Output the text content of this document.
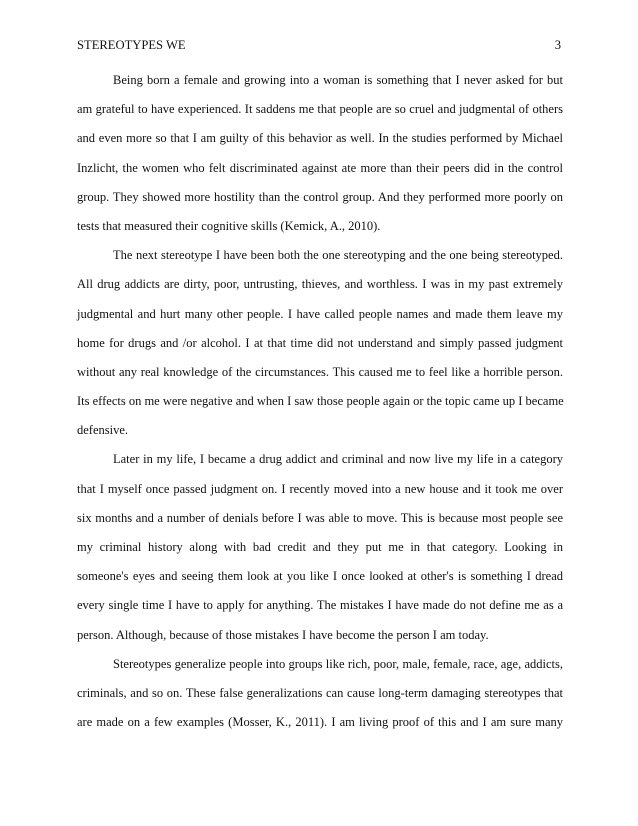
STEREOTYPES WE	3
Being born a female and growing into a woman is something that I never asked for but
am grateful to have experienced. It saddens me that people are so cruel and judgmental of others
and even more so that I am guilty of this behavior as well. In the studies performed by Michael
Inzlicht, the women who felt discriminated against ate more than their peers did in the control
group. They showed more hostility than the control group. And they performed more poorly on
tests that measured their cognitive skills (Kemick, A., 2010).
The next stereotype I have been both the one stereotyping and the one being stereotyped.
All drug addicts are dirty, poor, untrusting, thieves, and worthless. I was in my past extremely
judgmental and hurt many other people. I have called people names and made them leave my
home for drugs and /or alcohol. I at that time did not understand and simply passed judgment
without any real knowledge of the circumstances. This caused me to feel like a horrible person.
Its effects on me were negative and when I saw those people again or the topic came up I became
defensive.
Later in my life, I became a drug addict and criminal and now live my life in a category
that I myself once passed judgment on. I recently moved into a new house and it took me over
six months and a number of denials before I was able to move. This is because most people see
my criminal history along with bad credit and they put me in that category. Looking in
someone's eyes and seeing them look at you like I once looked at other's is something I dread
every single time I have to apply for anything. The mistakes I have made do not define me as a
person. Although, because of those mistakes I have become the person I am today.
Stereotypes generalize people into groups like rich, poor, male, female, race, age, addicts,
criminals, and so on. These false generalizations can cause long-term damaging stereotypes that
are made on a few examples (Mosser, K., 2011). I am living proof of this and I am sure many
